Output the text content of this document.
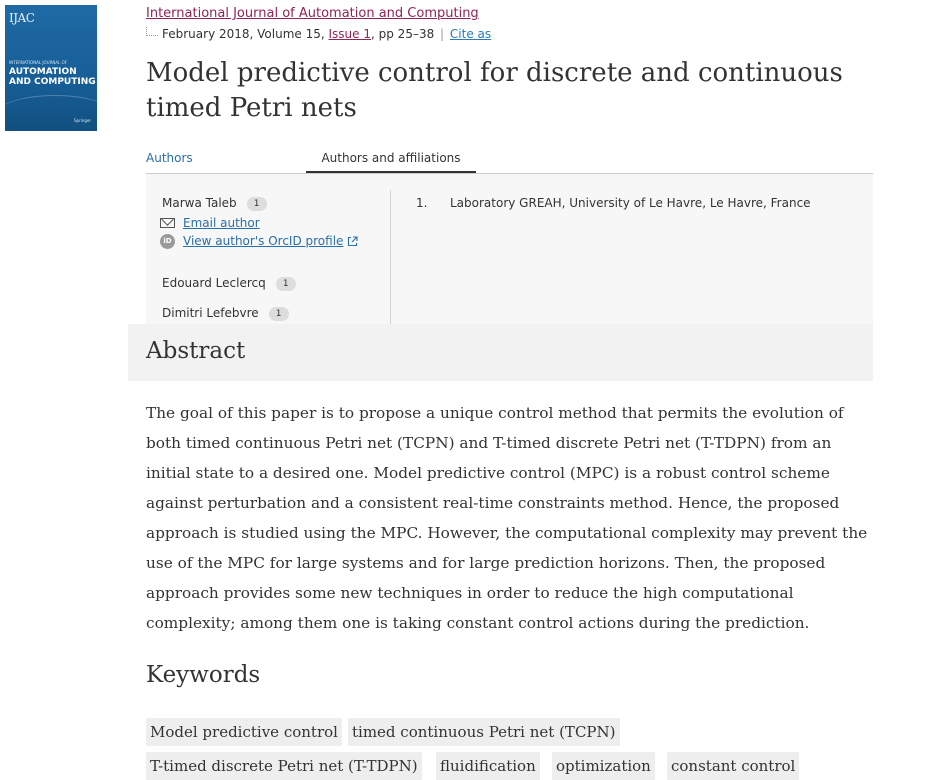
IJAC
INTERNATIONAL JOURNAL OF
AUTOMATION
AND COMPUTING
Springer
International Journal of Automation and Computing
February 2018, Volume 15, Issue 1, pp 25–38 | Cite as
Model predictive control for discrete and continuous timed Petri nets
Authors	Authors and affiliations
Marwa Taleb 1
Email author
iD View author's OrcID profile
Edouard Leclercq 1
Dimitri Lefebvre 1
1. Laboratory GREAH, University of Le Havre, Le Havre, France
Abstract

The goal of this paper is to propose a unique control method that permits the evolution of both timed continuous Petri net (TCPN) and T-timed discrete Petri net (T-TDPN) from an initial state to a desired one. Model predictive control (MPC) is a robust control scheme against perturbation and a consistent real-time constraints method. Hence, the proposed approach is studied using the MPC. However, the computational complexity may prevent the use of the MPC for large systems and for large prediction horizons. Then, the proposed approach provides some new techniques in order to reduce the high computational complexity; among them one is taking constant control actions during the prediction.

Keywords
Model predictive control timed continuous Petri net (TCPN)
T-timed discrete Petri net (T-TDPN) fluidification optimization constant control
